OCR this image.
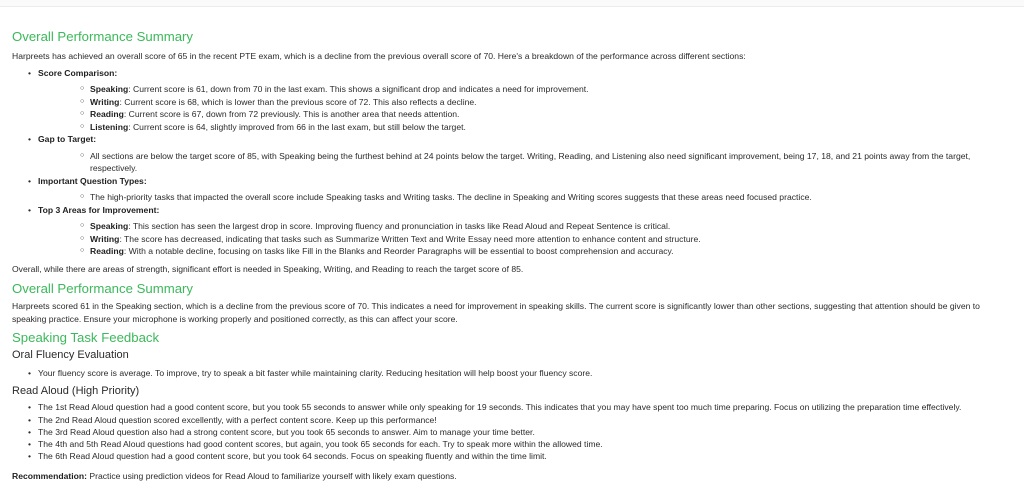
Overall Performance Summary

Harpreets has achieved an overall score of 65 in the recent PTE exam, which is a decline from the previous overall score of 70. Here's a breakdown of the performance across different sections:

• Score Comparison:
○ Speaking: Current score is 61, down from 70 in the last exam. This shows a significant drop and indicates a need for improvement.
○ Writing: Current score is 68, which is lower than the previous score of 72. This also reflects a decline.
○ Reading: Current score is 67, down from 72 previously. This is another area that needs attention.
○ Listening: Current score is 64, slightly improved from 66 in the last exam, but still below the target.
• Gap to Target:
○ All sections are below the target score of 85, with Speaking being the furthest behind at 24 points below the target. Writing, Reading, and Listening also need significant improvement, being 17, 18, and 21 points away from the target, respectively.
• Important Question Types:
○ The high-priority tasks that impacted the overall score include Speaking tasks and Writing tasks. The decline in Speaking and Writing scores suggests that these areas need focused practice.
• Top 3 Areas for Improvement:
○ Speaking: This section has seen the largest drop in score. Improving fluency and pronunciation in tasks like Read Aloud and Repeat Sentence is critical.
○ Writing: The score has decreased, indicating that tasks such as Summarize Written Text and Write Essay need more attention to enhance content and structure.
○ Reading: With a notable decline, focusing on tasks like Fill in the Blanks and Reorder Paragraphs will be essential to boost comprehension and accuracy.

Overall, while there are areas of strength, significant effort is needed in Speaking, Writing, and Reading to reach the target score of 85.

Overall Performance Summary

Harpreets scored 61 in the Speaking section, which is a decline from the previous score of 70. This indicates a need for improvement in speaking skills. The current score is significantly lower than other sections, suggesting that attention should be given to speaking practice. Ensure your microphone is working properly and positioned correctly, as this can affect your score.

Speaking Task Feedback
Oral Fluency Evaluation
• Your fluency score is average. To improve, try to speak a bit faster while maintaining clarity. Reducing hesitation will help boost your fluency score.
Read Aloud (High Priority)
• The 1st Read Aloud question had a good content score, but you took 55 seconds to answer while only speaking for 19 seconds. This indicates that you may have spent too much time preparing. Focus on utilizing the preparation time effectively.
• The 2nd Read Aloud question scored excellently, with a perfect content score. Keep up this performance!
• The 3rd Read Aloud question also had a strong content score, but you took 65 seconds to answer. Aim to manage your time better.
• The 4th and 5th Read Aloud questions had good content scores, but again, you took 65 seconds for each. Try to speak more within the allowed time.
• The 6th Read Aloud question had a good content score, but you took 64 seconds. Focus on speaking fluently and within the time limit.

Recommendation: Practice using prediction videos for Read Aloud to familiarize yourself with likely exam questions.
